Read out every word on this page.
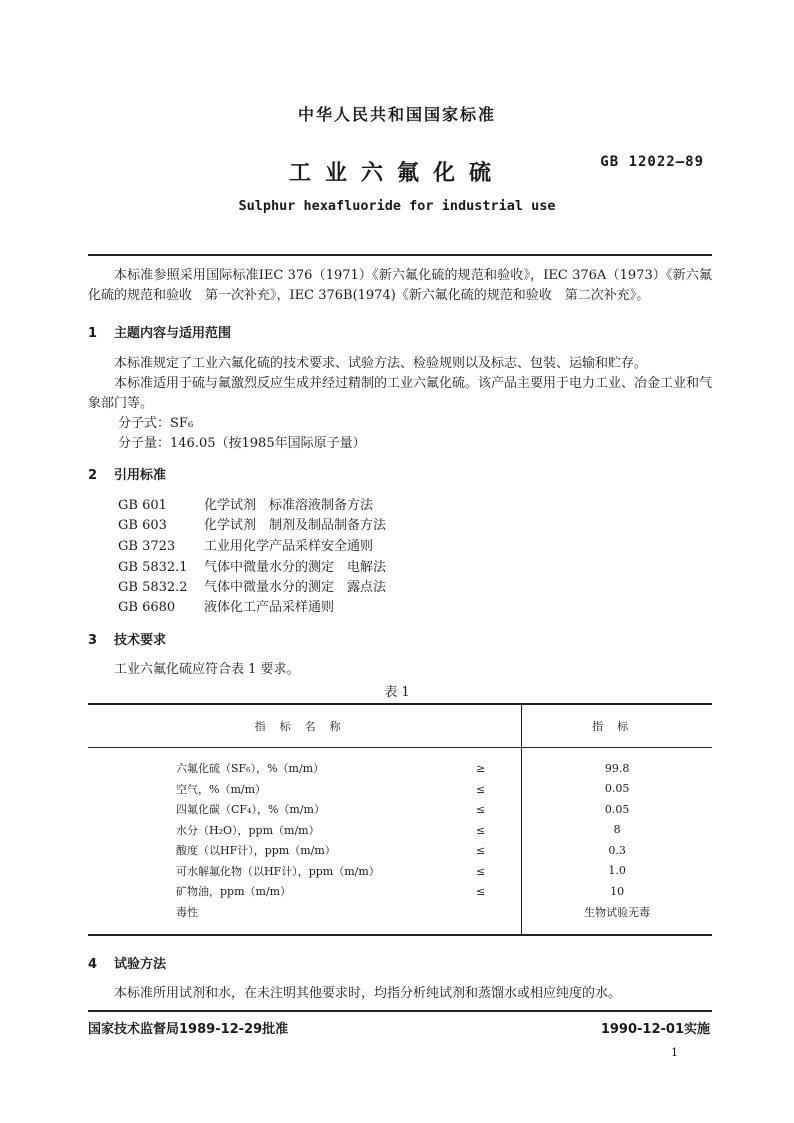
中华人民共和国国家标准
工业六氟化硫	GB 12022—89
Sulphur hexafluoride for industrial use
本标准参照采用国际标准IEC 376（1971）《新六氟化硫的规范和验收》，IEC 376A（1973）《新六氟化硫的规范和验收　第一次补充》，IEC 376B(1974)《新六氟化硫的规范和验收　第二次补充》。
1 主题内容与适用范围
本标准规定了工业六氟化硫的技术要求、试验方法、检验规则以及标志、包装、运输和贮存。
本标准适用于硫与氟激烈反应生成并经过精制的工业六氟化硫。该产品主要用于电力工业、冶金工业和气象部门等。
分子式：SF₆
分子量：146.05（按1985年国际原子量）
2 引用标准
GB 601	化学试剂　标准溶液制备方法
GB 603	化学试剂　制剂及制品制备方法
GB 3723 工业用化学产品采样安全通则
GB 5832.1 气体中微量水分的测定　电解法
GB 5832.2 气体中微量水分的测定　露点法
GB 6680 液体化工产品采样通则
3 技术要求
工业六氟化硫应符合表 1 要求。
表 1
指标名称	指标
六氟化硫（SF₆），%（m/m） ≥	99.8
空气，%（m/m） ≤	0.05
四氟化碳（CF₄），%（m/m） ≤	0.05
水分（H₂O），ppm（m/m） ≤	8
酸度（以HF计），ppm（m/m） ≤	0.3
可水解氟化物（以HF计），ppm（m/m） ≤	1.0
矿物油，ppm（m/m） ≤	10
毒性	生物试验无毒
4 试验方法
本标准所用试剂和水，在未注明其他要求时，均指分析纯试剂和蒸馏水或相应纯度的水。
国家技术监督局1989-12-29批准	1990-12-01实施
1
